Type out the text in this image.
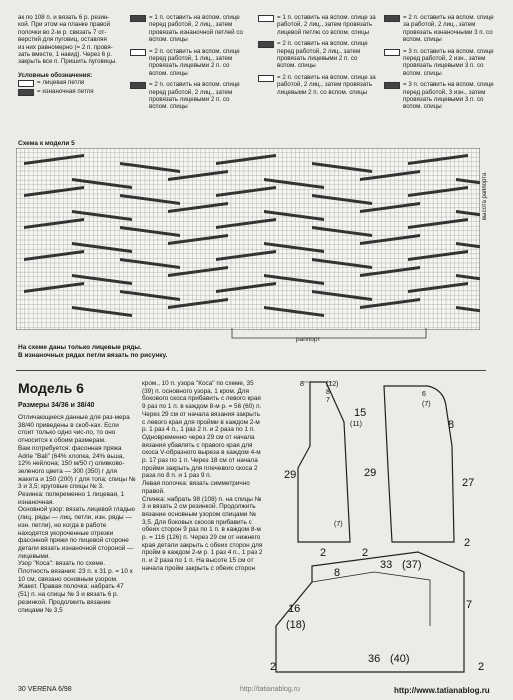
ак по 108 п. и вязать 6 р. резин-

кой. При этом на планке правой

полочки во 2-м р. связать 7 от-

верстий для пуговиц, оставляя

из них равномерно (= 2 п. провя-

зать вместе, 1 накид). Через 6 р.

закрыть все п. Пришить пуговицы.

Условные обозначения:

= лицевая петля
= изнаночная петля
= 1 п. оставить на вспом. спице перед работой, 2 лиц., затем провязать изнаночной петлей со вспом. спицы
= 2 п. оставить на вспом. спице перед работой, 1 лиц., затем провязать лицевыми 2 п. со вспом. спицы
= 2 п. оставить на вспом. спице перед работой, 2 лиц., затем провязать лицевыми 2 п. со вспом. спицы
= 1 п. оставить на вспом. спице за работой, 2 лиц., затем провязать лицевой петлю со вспом. спицы
= 2 п. оставить на вспом. спице перед работой, 2 лиц., затем провязать лицевыми 2 п. со вспом. спицы
= 2 п. оставить на вспом. спице за работой, 2 лиц., затем провязать лицевыми 2 п. со вспом. спицы
= 2 п. оставить на вспом. спице за работой, 2 лиц., затем провязать изнаночными 3 п. со вспом. спицы
= 3 п. оставить на вспом. спице перед работой, 2 изн., затем провязать лицевыми 3 п. со вспом. спицы
= 3 п. оставить на вспом. спице перед работой, 3 изн., затем провязать лицевыми 3 п. со вспом. спицы
Схема к модели 5
раппорт
высота раппорта
На схеме даны только лицевые ряды.
В изнаночных рядах петли вязать по рисунку.
Модель 6
Размеры 34/36 и 38/40

Отличающиеся данные для раз-мера 38/40 приведены в скоб-ках. Если стоит только одно чис-ло, то оно относится к обоим размерам.

Вам потребуется: фасонная пряжа Adrie "Bali" (64% хлопка, 24% вьша, 12% нейлона; 150 м/50 г) оливково-зеленого цвета — 300 (350) г для жакета и 150 (200) г для топа; спицы № 3 и 3,5; круговые спицы № 3.

Резинка: попеременно 1 лицевая, 1 изнаночная.

Основной узор: вязать лицевой гладью (лиц. ряды — лиц. петли, изн. ряды — изн. петли), но когда в работе находятся укороченные отрезки фасонной пряжи по лицевой стороне детали вязать изнаночной стороной — лицевыми.

Узор "Коса": вязать по схеме.

Плотность вязания: 23 п. x 31 р. = 10 x 10 см, связано основным узором.

Жакет. Правая полочка: набрать 47 (51) п. на спицы № 3 и вязать 6 р. резинкой. Продолжить вязание спицами № 3,5

кром., 10 п. узора "Коса" по схеме, 35 (39) п. основного узора, 1 кром. Для бокового скоса прибавить с левого края 9 раз по 1 п. в каждом 8-м р. = 56 (60) п. Через 29 см от начала вязания закрыть с левого края для пройми в каждом 2-м р. 1 раз 4 п., 1 раз 2 п. и 2 раза по 1 п. Одновременно через 29 см от начала вязания убавлять с правого края для скоса V-образного выреза в каждом 4-м р. 17 раз по 1 п. Через 18 см от начала пройми закрыть для плечевого скоса 2 раза по 8 п. и 1 раз 9 п.

Левая полочка: вязать симметрично правой.

Спинка: набрать 98 (108) п. на спицы № 3 и вязать 2 см резинкой. Продолжить вязание основным узором спицами № 3,5. Для боковых скосов прибавить с обеих сторон 9 раз по 1 п. в каждом 8-м р. = 116 (126) п. Через 29 см от нижнего края детали закрыть с обеих сторон для пройм в каждом 2-м р. 1 раз 4 п., 1 раз 2 п. и 2 раза по 1 п. На высоте 15 см от начала пройм закрыть с обеих сторон

8	(12)
8
7
29
2
(7)
15
(11)
29
2
6
(7)
8
27
2
8
33 (37)
16
(18)
7
36 (40)
2	2
30 VERENA 6/98	http://tatianablog.ru	http://www.tatianablog.ru
